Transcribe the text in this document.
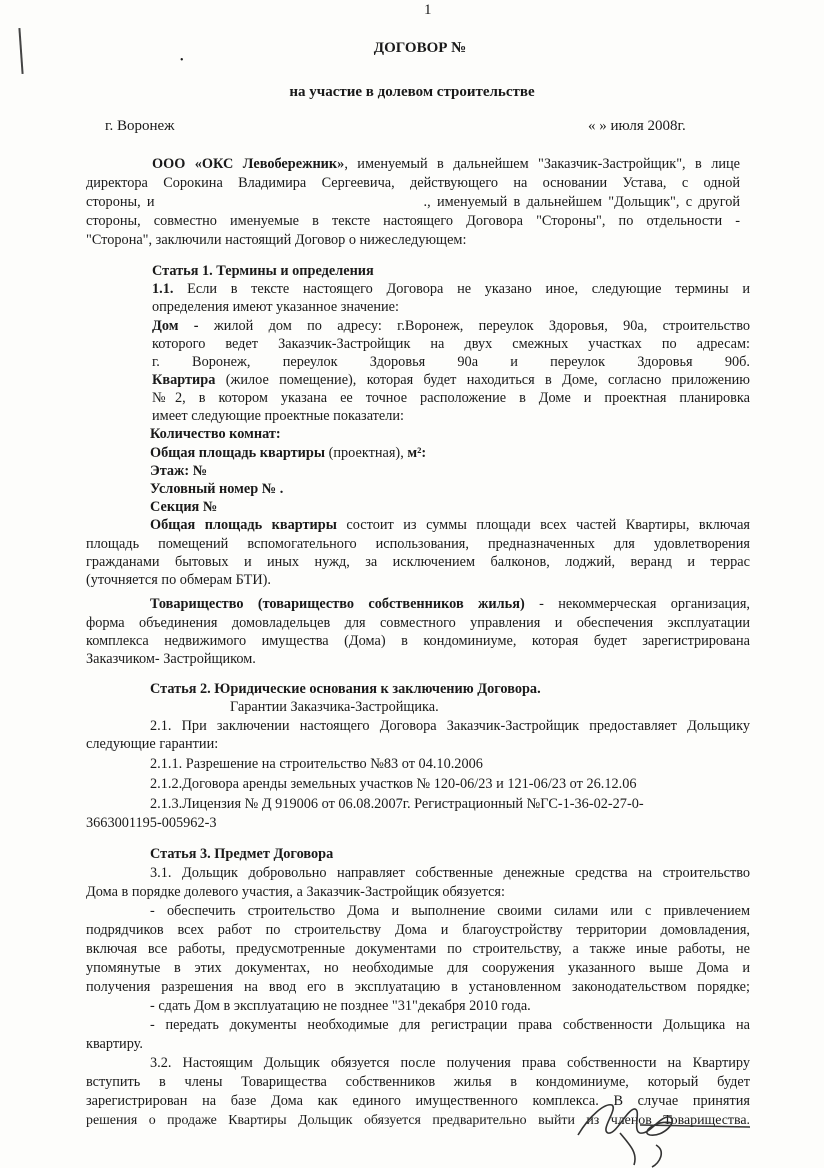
1
•
ДОГОВОР №
на участие в долевом строительстве
г. Воронеж	« » июля 2008г.
ООО «ОКС Левобережник», именуемый в дальнейшем "Заказчик-Застройщик", в лице
директора Сорокина Владимира Сергеевича, действующего на основании Устава, с одной
стороны, и                                           ., именуемый в дальнейшем "Дольщик", с другой
стороны, совместно именуемые в тексте настоящего Договора "Стороны", по отдельности -
"Сторона", заключили настоящий Договор о нижеследующем:
Статья 1. Термины и определения
1.1. Если в тексте настоящего Договора не указано иное, следующие термины и
определения имеют указанное значение:
Дом - жилой дом по адресу: г.Воронеж, переулок Здоровья, 90а, строительство
которого ведет Заказчик-Застройщик на двух смежных участках по адресам:
г. Воронеж, переулок Здоровья 90а и переулок Здоровья 90б.
Квартира (жилое помещение), которая будет находиться в Доме, согласно приложению
№2, в котором указана ее точное расположение в Доме и проектная планировка
имеет следующие проектные показатели:
Количество комнат:
Общая площадь квартиры (проектная), м²:
Этаж: №
Условный номер № .
Секция №
Общая площадь квартиры состоит из суммы площади всех частей Квартиры, включая
площадь помещений вспомогательного использования, предназначенных для удовлетворения
гражданами бытовых и иных нужд, за исключением балконов, лоджий, веранд и террас
(уточняется по обмерам БТИ).
Товарищество (товарищество собственников жилья) - некоммерческая организация,
форма объединения домовладельцев для совместного управления и обеспечения эксплуатации
комплекса недвижимого имущества (Дома) в кондоминиуме, которая будет зарегистрирована
Заказчиком- Застройщиком.
Статья 2. Юридические основания к заключению Договора.
Гарантии Заказчика-Застройщика.
2.1. При заключении настоящего Договора Заказчик-Застройщик предоставляет Дольщику
следующие гарантии:
2.1.1. Разрешение на строительство №83 от 04.10.2006
2.1.2.Договора аренды земельных участков № 120-06/23 и 121-06/23 от 26.12.06
2.1.3.Лицензия № Д 919006 от 06.08.2007г. Регистрационный №ГС-1-36-02-27-0-
3663001195-005962-3
Статья 3. Предмет Договора
3.1. Дольщик добровольно направляет собственные денежные средства на строительство
Дома в порядке долевого участия, а Заказчик-Застройщик обязуется:
- обеспечить строительство Дома и выполнение своими силами или с привлечением
подрядчиков всех работ по строительству Дома и благоустройству территории домовладения,
включая все работы, предусмотренные документами по строительству, а также иные работы, не
упомянутые в этих документах, но необходимые для сооружения указанного выше Дома и
получения разрешения на ввод его в эксплуатацию в установленном законодательством порядке;
- сдать Дом в эксплуатацию не позднее "31"декабря 2010 года.
- передать документы необходимые для регистрации права собственности Дольщика на
квартиру.
3.2. Настоящим Дольщик обязуется после получения права собственности на Квартиру
вступить в члены Товарищества собственников жилья в кондоминиуме, который будет
зарегистрирован на базе Дома как единого имущественного комплекса. В случае принятия
решения о продаже Квартиры Дольщик обязуется предварительно выйти из членов Товарищества.
